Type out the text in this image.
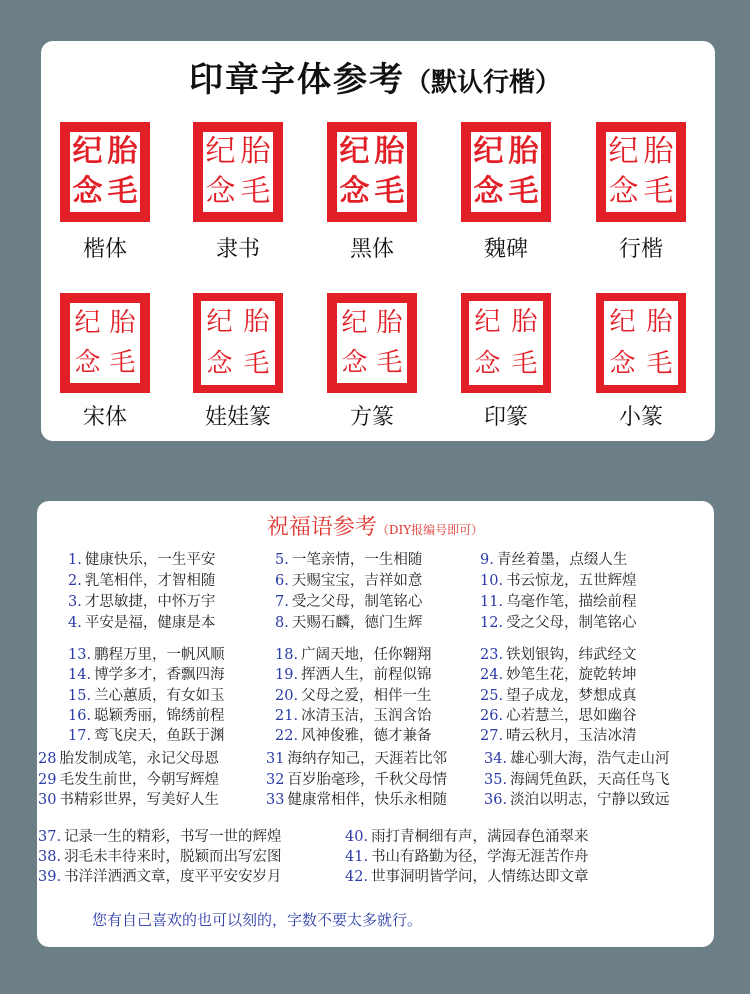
印章字体参考（默认行楷）
纪 胎
念 毛
楷体
纪 胎
念 毛
隶书
纪 胎
念 毛
黑体
纪 胎
念 毛
魏碑
纪 胎
念 毛
行楷
纪 胎
念 毛
宋体
纪 胎
念 毛
娃娃篆
纪 胎
念 毛
方篆
纪 胎
念 毛
印篆
纪 胎
念 毛
小篆
祝福语参考（DIY报编号即可）
1. 健康快乐，一生平安
2. 乳笔相伴，才智相随
3. 才思敏捷，中怀万宇
4. 平安是福，健康是本
5. 一笔亲情，一生相随
6. 天赐宝宝，吉祥如意
7. 受之父母，制笔铭心
8. 天赐石麟，德门生辉
9. 青丝着墨，点缀人生
10. 书云惊龙，五世辉煌
11. 乌毫作笔，描绘前程
12. 受之父母，制笔铭心
13. 鹏程万里，一帆风顺
14. 博学多才，香飘四海
15. 兰心蕙质，有女如玉
16. 聪颖秀丽，锦绣前程
17. 鸾飞戾天，鱼跃于渊
18. 广阔天地，任你翱翔
19. 挥洒人生，前程似锦
20. 父母之爱，相伴一生
21. 冰清玉洁，玉润含饴
22. 风神俊雅，德才兼备
23. 铁划银钩，纬武经文
24. 妙笔生花，旋乾转坤
25. 望子成龙，梦想成真
26. 心若慧兰，思如幽谷
27. 晴云秋月，玉洁冰清
28 胎发制成笔，永记父母恩
29 毛发生前世，今朝写辉煌
30 书精彩世界，写美好人生
31 海纳存知己，天涯若比邻
32 百岁胎毫珍，千秋父母情
33 健康常相伴，快乐永相随
34. 雄心驯大海，浩气走山河
35. 海阔凭鱼跃，天高任鸟飞
36. 淡泊以明志，宁静以致远
37. 记录一生的精彩，书写一世的辉煌
38. 羽毛未丰待来时，脱颖而出写宏图
39. 书洋洋洒洒文章，度平平安安岁月
40. 雨打青桐细有声，满园春色涌翠来
41. 书山有路勤为径，学海无涯苦作舟
42. 世事洞明皆学问，人情练达即文章
您有自己喜欢的也可以刻的，字数不要太多就行。
